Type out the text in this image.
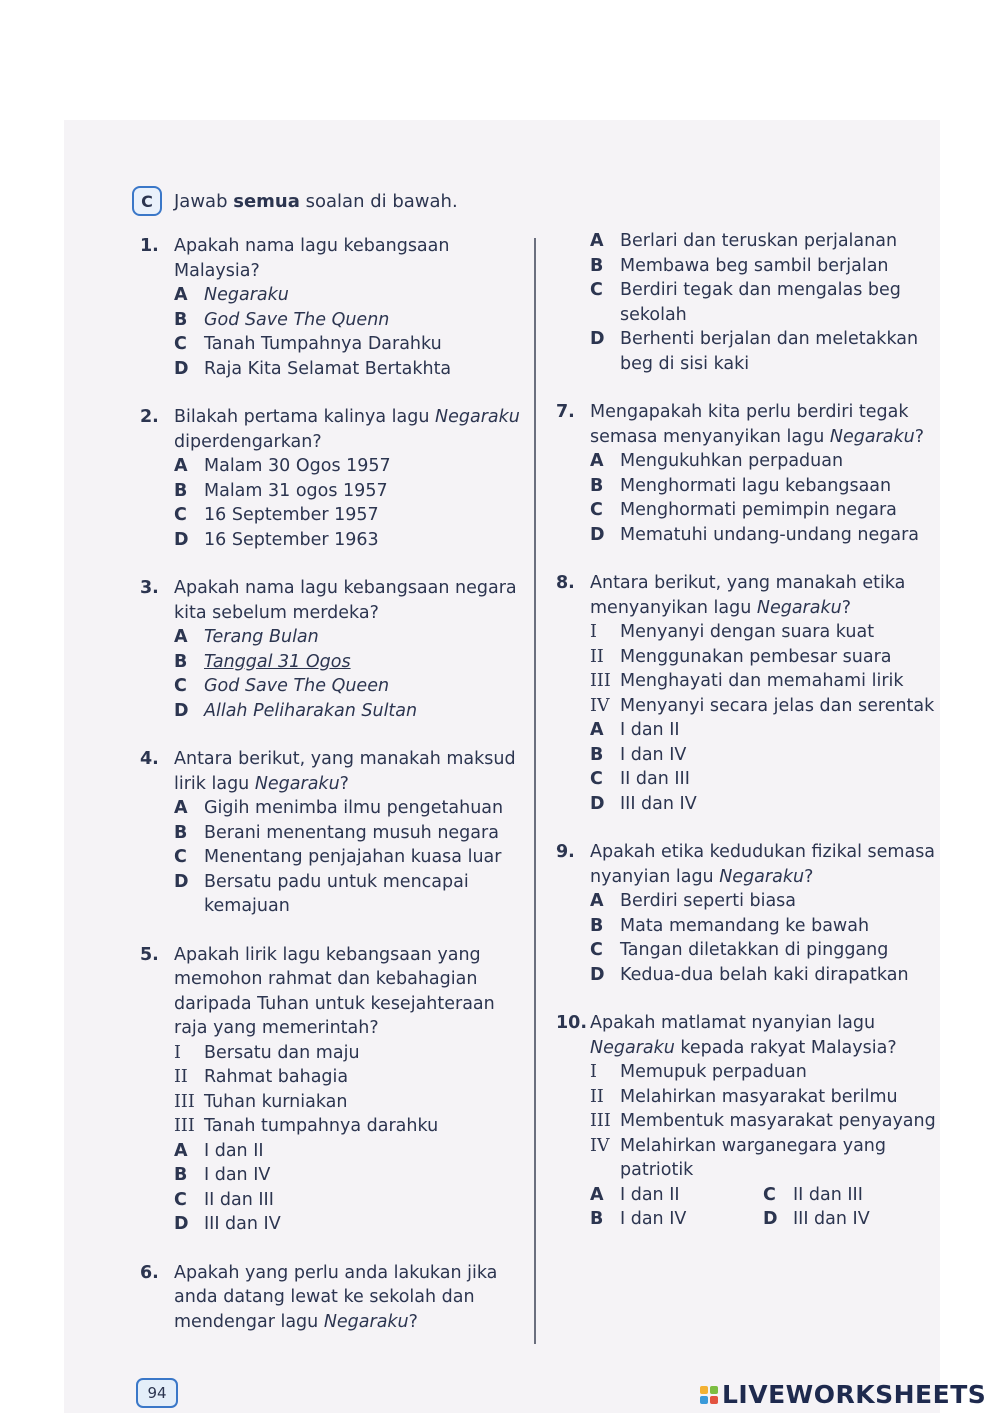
C	Jawab semua soalan di bawah.
1. Apakah nama lagu kebangsaan Malaysia?
A Negaraku
B God Save The Quenn
C Tanah Tumpahnya Darahku
D Raja Kita Selamat Bertakhta
2. Bilakah pertama kalinya lagu Negaraku diperdengarkan?
A Malam 30 Ogos 1957
B Malam 31 ogos 1957
C 16 September 1957
D 16 September 1963
3. Apakah nama lagu kebangsaan negara kita sebelum merdeka?
A Terang Bulan
B Tanggal 31 Ogos
C God Save The Queen
D Allah Peliharakan Sultan
4. Antara berikut, yang manakah maksud lirik lagu Negaraku?
A Gigih menimba ilmu pengetahuan
B Berani menentang musuh negara
C Menentang penjajahan kuasa luar
D Bersatu padu untuk mencapai kemajuan
5. Apakah lirik lagu kebangsaan yang memohon rahmat dan kebahagian daripada Tuhan untuk kesejahteraan raja yang memerintah?
I	Bersatu dan maju
II Rahmat bahagia
III Tuhan kurniakan
III Tanah tumpahnya darahku
A I dan II
B I dan IV
C II dan III
D III dan IV
6. Apakah yang perlu anda lakukan jika anda datang lewat ke sekolah dan mendengar lagu Negaraku?
A Berlari dan teruskan perjalanan
B Membawa beg sambil berjalan
C Berdiri tegak dan mengalas beg sekolah
D Berhenti berjalan dan meletakkan beg di sisi kaki
7. Mengapakah kita perlu berdiri tegak semasa menyanyikan lagu Negaraku?
A Mengukuhkan perpaduan
B Menghormati lagu kebangsaan
C Menghormati pemimpin negara
D Mematuhi undang-undang negara
8. Antara berikut, yang manakah etika menyanyikan lagu Negaraku?
I	Menyanyi dengan suara kuat
II Menggunakan pembesar suara
III Menghayati dan memahami lirik
IV Menyanyi secara jelas dan serentak
A I dan II
B I dan IV
C II dan III
D III dan IV
9. Apakah etika kedudukan fizikal semasa nyanyian lagu Negaraku?
A Berdiri seperti biasa
B Mata memandang ke bawah
C Tangan diletakkan di pinggang
D Kedua-dua belah kaki dirapatkan
10. Apakah matlamat nyanyian lagu Negaraku kepada rakyat Malaysia?
I	Memupuk perpaduan
II Melahirkan masyarakat berilmu
III Membentuk masyarakat penyayang
IV Melahirkan warganegara yang patriotik
A I dan II	C II dan III
B I dan IV	D III dan IV
94	LIVEWORKSHEETS
